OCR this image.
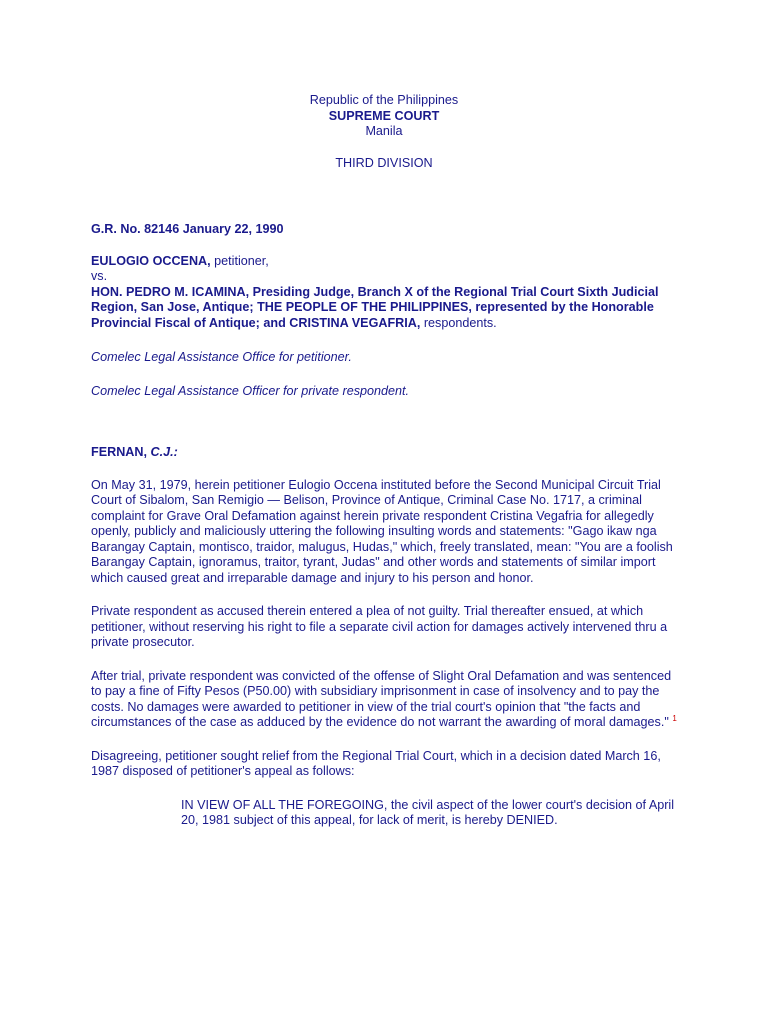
Republic of the Philippines

SUPREME COURT

Manila

THIRD DIVISION

G.R. No. 82146 January 22, 1990

EULOGIO OCCENA, petitioner,

vs.

HON. PEDRO M. ICAMINA, Presiding Judge, Branch X of the Regional Trial Court Sixth Judicial Region, San Jose, Antique; THE PEOPLE OF THE PHILIPPINES, represented by the Honorable Provincial Fiscal of Antique; and CRISTINA VEGAFRIA, respondents.

Comelec Legal Assistance Office for petitioner.

Comelec Legal Assistance Officer for private respondent.

FERNAN, C.J.:

On May 31, 1979, herein petitioner Eulogio Occena instituted before the Second Municipal Circuit Trial Court of Sibalom, San Remigio — Belison, Province of Antique, Criminal Case No. 1717, a criminal complaint for Grave Oral Defamation against herein private respondent Cristina Vegafria for allegedly openly, publicly and maliciously uttering the following insulting words and statements: "Gago ikaw nga Barangay Captain, montisco, traidor, malugus, Hudas," which, freely translated, mean: "You are a foolish Barangay Captain, ignoramus, traitor, tyrant, Judas" and other words and statements of similar import which caused great and irreparable damage and injury to his person and honor.

Private respondent as accused therein entered a plea of not guilty. Trial thereafter ensued, at which petitioner, without reserving his right to file a separate civil action for damages actively intervened thru a private prosecutor.

After trial, private respondent was convicted of the offense of Slight Oral Defamation and was sentenced to pay a fine of Fifty Pesos (P50.00) with subsidiary imprisonment in case of insolvency and to pay the costs. No damages were awarded to petitioner in view of the trial court's opinion that "the facts and circumstances of the case as adduced by the evidence do not warrant the awarding of moral damages." $^1$

Disagreeing, petitioner sought relief from the Regional Trial Court, which in a decision dated March 16, 1987 disposed of petitioner's appeal as follows:

IN VIEW OF ALL THE FOREGOING, the civil aspect of the lower court's decision of April 20, 1981 subject of this appeal, for lack of merit, is hereby DENIED.
